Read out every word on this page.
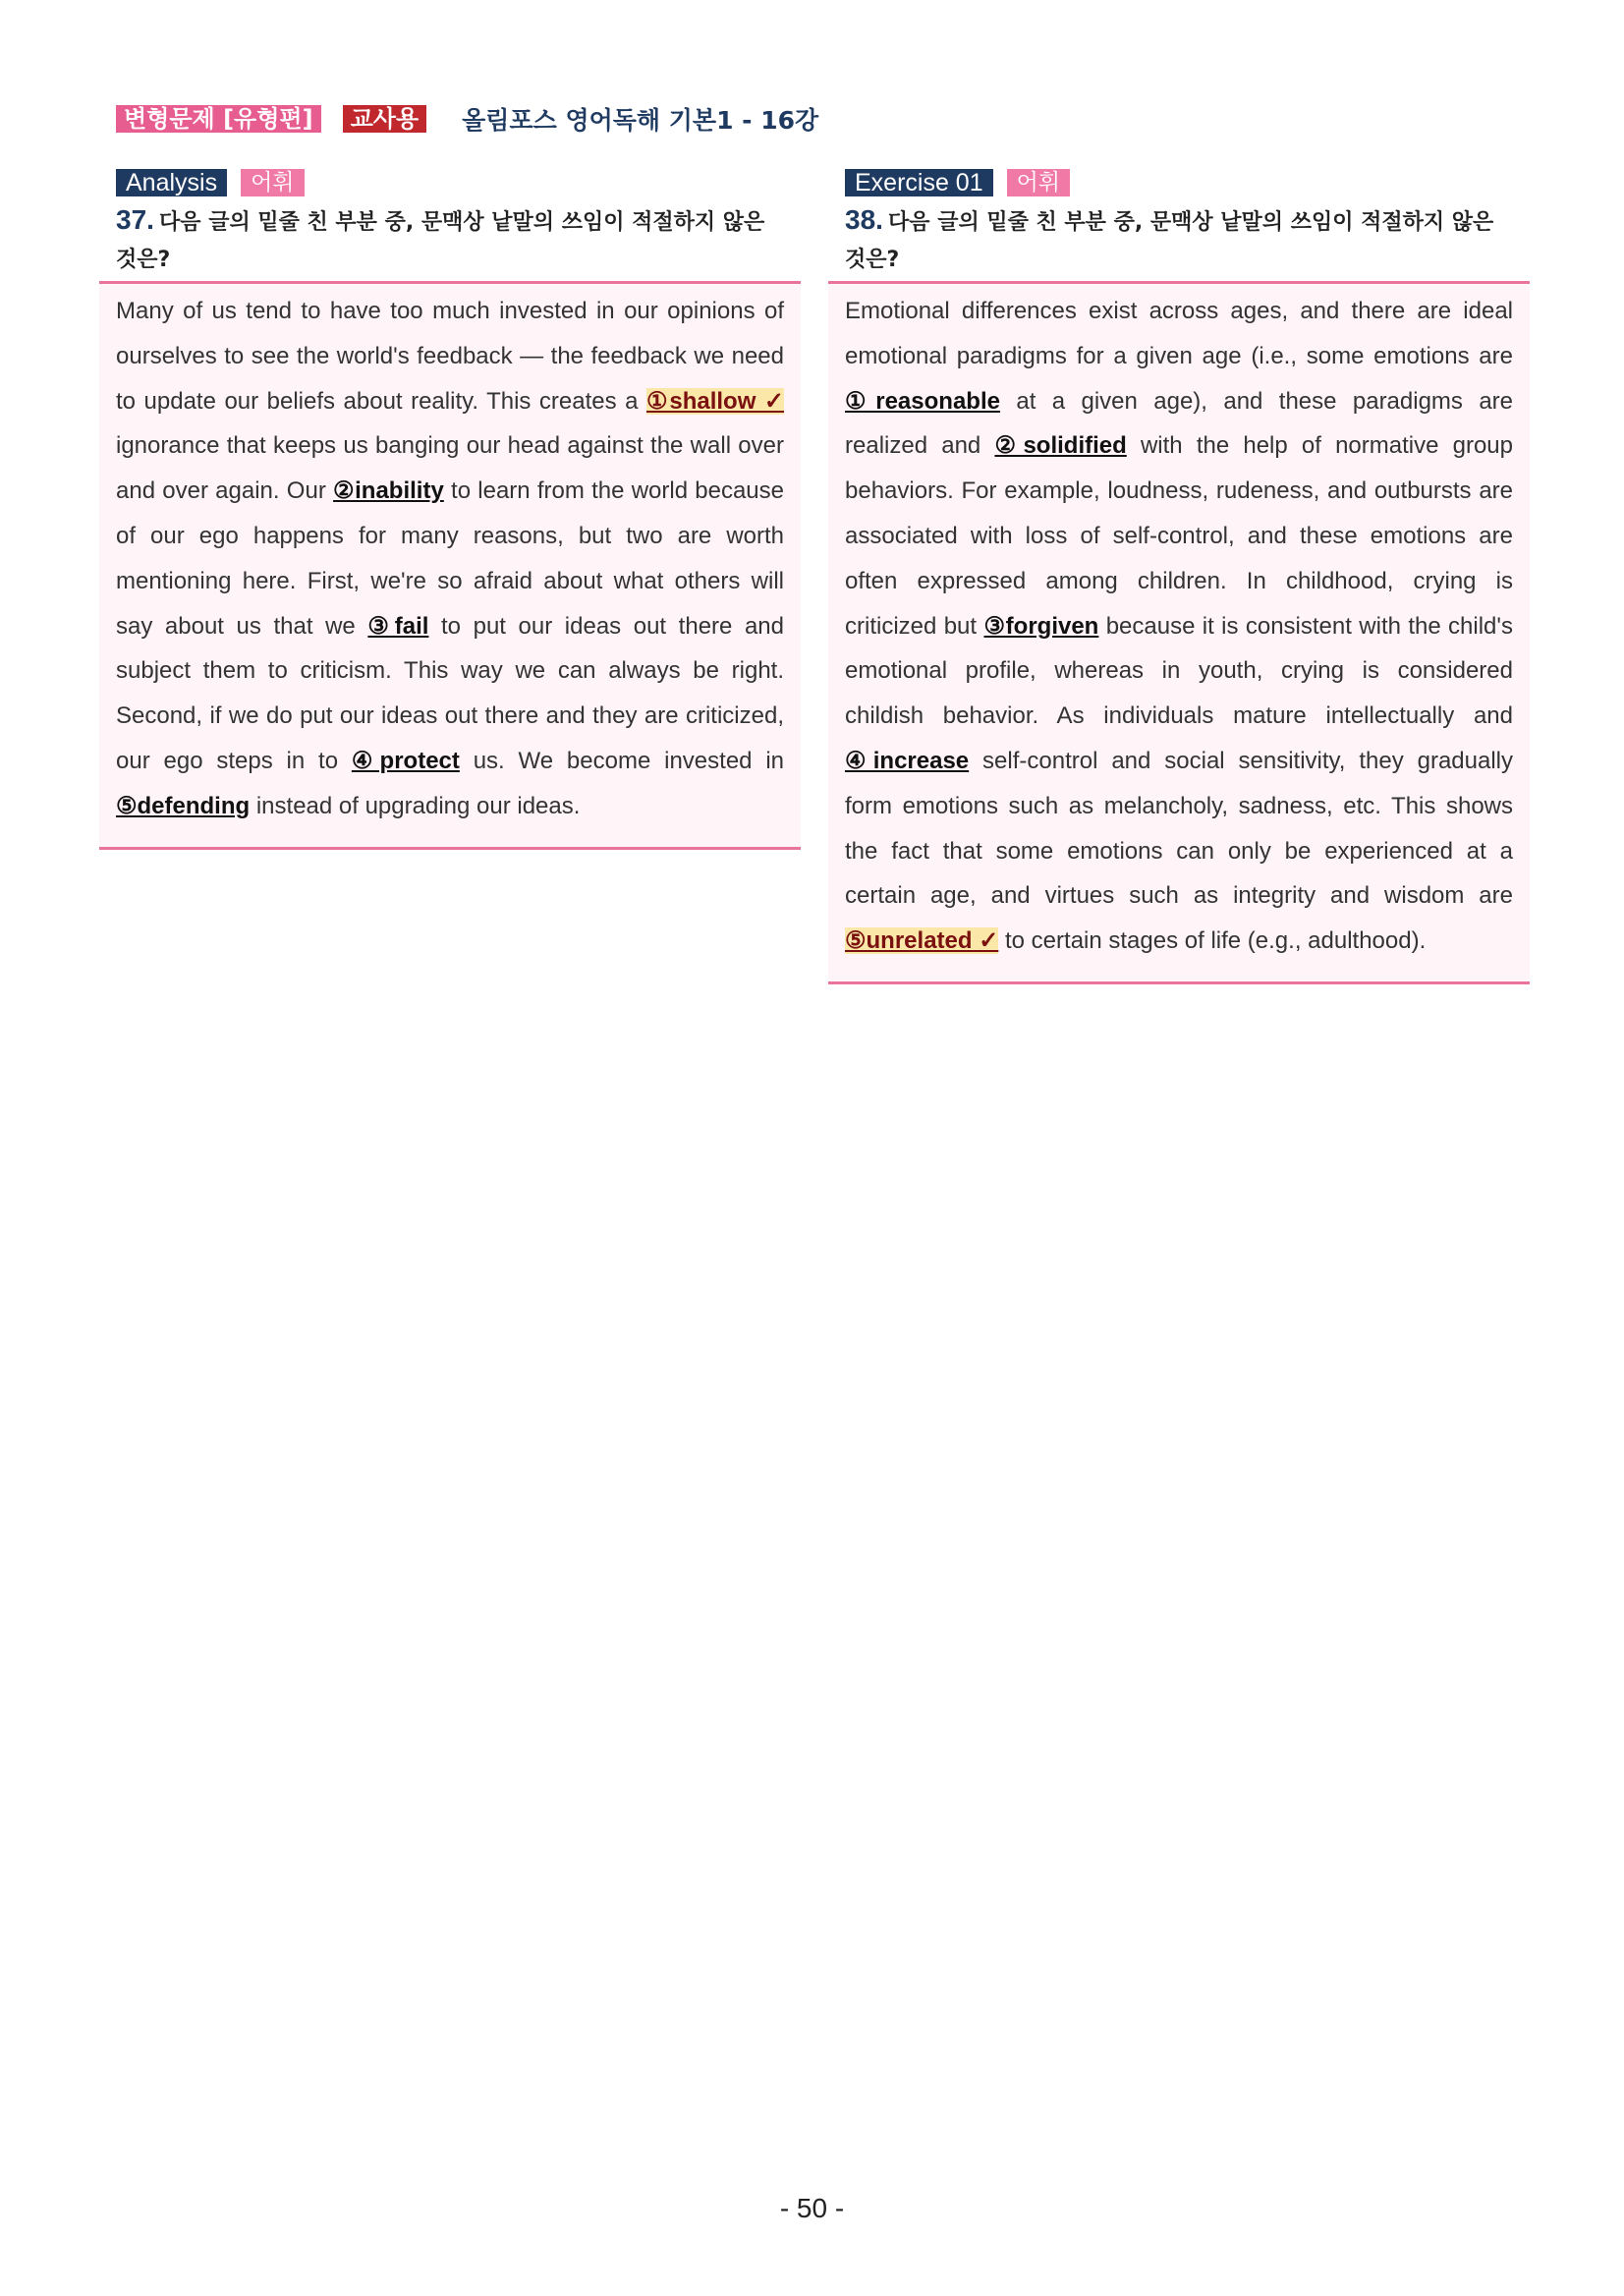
변형문제 [유형편]	교사용	올림포스 영어독해 기본1 - 16강
Analysis	어휘
37. 다음 글의 밑줄 친 부분 중, 문맥상 낱말의 쓰임이 적절하지 않은 것은?

Many of us tend to have too much invested in our opinions of ourselves to see the world's feedback — the feedback we need to update our beliefs about reality. This creates a ①shallow ✓ ignorance that keeps us banging our head against the wall over and over again. Our ②inability to learn from the world because of our ego happens for many reasons, but two are worth mentioning here. First, we're so afraid about what others will say about us that we ③fail to put our ideas out there and subject them to criticism. This way we can always be right. Second, if we do put our ideas out there and they are criticized, our ego steps in to ④protect us. We become invested in ⑤defending instead of upgrading our ideas.

Exercise 01	어휘
38. 다음 글의 밑줄 친 부분 중, 문맥상 낱말의 쓰임이 적절하지 않은 것은?

Emotional differences exist across ages, and there are ideal emotional paradigms for a given age (i.e., some emotions are ①reasonable at a given age), and these paradigms are realized and ②solidified with the help of normative group behaviors. For example, loudness, rudeness, and outbursts are associated with loss of self-control, and these emotions are often expressed among children. In childhood, crying is criticized but ③forgiven because it is consistent with the child's emotional profile, whereas in youth, crying is considered childish behavior. As individuals mature intellectually and ④increase self-control and social sensitivity, they gradually form emotions such as melancholy, sadness, etc. This shows the fact that some emotions can only be experienced at a certain age, and virtues such as integrity and wisdom are ⑤unrelated ✓ to certain stages of life (e.g., adulthood).

- 50 -
